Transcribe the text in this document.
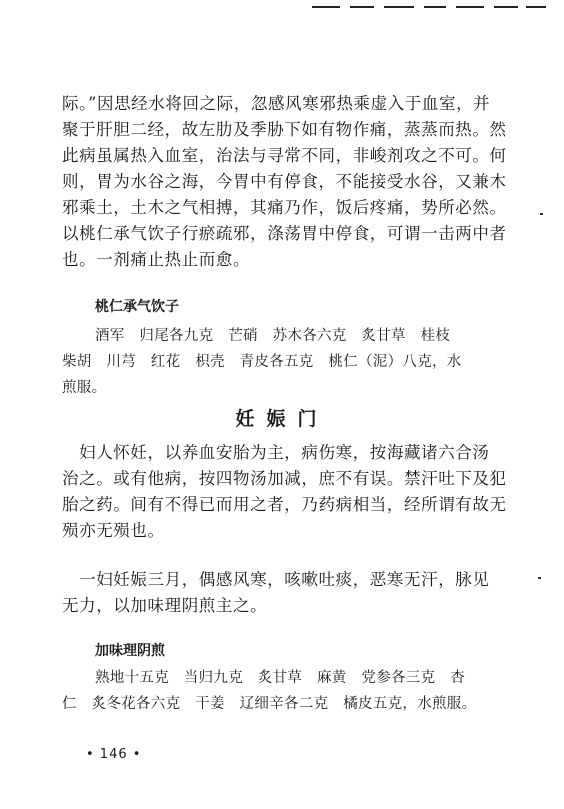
际。”因思经水将回之际，忽感风寒邪热乘虚入于血室，并
聚于肝胆二经，故左肋及季胁下如有物作痛，蒸蒸而热。然
此病虽属热入血室，治法与寻常不同，非峻剂攻之不可。何
则，胃为水谷之海，今胃中有停食，不能接受水谷，又兼木
邪乘土，土木之气相搏，其痛乃作，饭后疼痛，势所必然。
以桃仁承气饮子行瘀疏邪，涤荡胃中停食，可谓一击两中者
也。一剂痛止热止而愈。
桃仁承气饮子
酒军　归尾各九克　芒硝　苏木各六克　炙甘草　桂枝
柴胡　川芎　红花　枳壳　青皮各五克　桃仁（泥）八克，水
煎服。
妊娠门
　妇人怀妊，以养血安胎为主，病伤寒，按海藏诸六合汤
治之。或有他病，按四物汤加减，庶不有误。禁汗吐下及犯
胎之药。间有不得已而用之者，乃药病相当，经所谓有故无
殒亦无殒也。
　一妇妊娠三月，偶感风寒，咳嗽吐痰，恶寒无汗，脉见
无力，以加味理阴煎主之。
加味理阴煎
熟地十五克　当归九克　炙甘草　麻黄　党参各三克　杏
仁　炙冬花各六克　干姜　辽细辛各二克　橘皮五克，水煎服。
• 146 •
